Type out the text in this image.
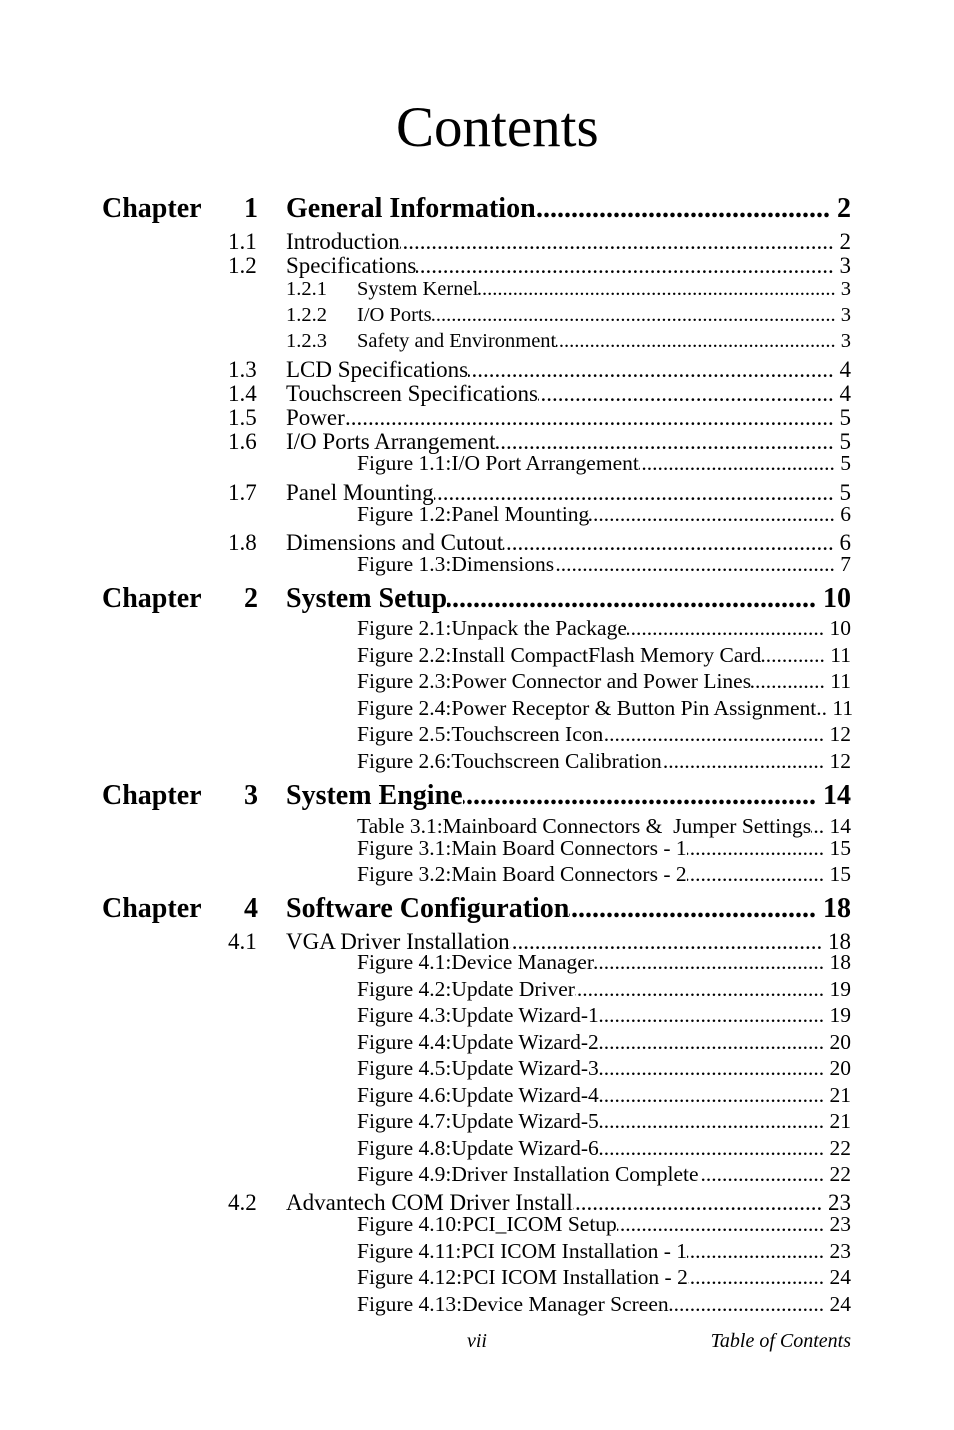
Contents
Chapter	1 General Information .....	2
1.1	Introduction .....	2
1.2	Specifications .....	3
1.2.1	System Kernel .....	3
1.2.2	I/O Ports .....	3
1.2.3	Safety and Environment .....	3
1.3	LCD Specifications .....	4
1.4	Touchscreen Specifications .....	4
1.5	Power .....	5
1.6	I/O Ports Arrangement .....	5
Figure 1.1:I/O Port Arrangement .....	5
1.7	Panel Mounting .....	5
Figure 1.2:Panel Mounting .....	6
1.8	Dimensions and Cutout .....	6
Figure 1.3:Dimensions .....	7
Chapter	2 System Setup .....	10
Figure 2.1:Unpack the Package .....	10
Figure 2.2:Install CompactFlash Memory Card .....	11
Figure 2.3:Power Connector and Power Lines .....	11
Figure 2.4:Power Receptor & Button Pin Assignment ..... 11
Figure 2.5:Touchscreen Icon .....	12
Figure 2.6:Touchscreen Calibration .....	12
Chapter	3 System Engine .....	14
Table 3.1:Mainboard Connectors &  Jumper Settings ..... 14
Figure 3.1:Main Board Connectors - 1 .....	15
Figure 3.2:Main Board Connectors - 2 .....	15
Chapter	4 Software Configuration .....	18
4.1	VGA Driver Installation .....	18
Figure 4.1:Device Manager .....	18
Figure 4.2:Update Driver .....	19
Figure 4.3:Update Wizard-1 .....	19
Figure 4.4:Update Wizard-2 .....	20
Figure 4.5:Update Wizard-3 .....	20
Figure 4.6:Update Wizard-4 .....	21
Figure 4.7:Update Wizard-5 .....	21
Figure 4.8:Update Wizard-6 .....	22
Figure 4.9:Driver Installation Complete .....	22
4.2	Advantech COM Driver Install .....	23
Figure 4.10:PCI_ICOM Setup .....	23
Figure 4.11:PCI ICOM Installation - 1 .....	23
Figure 4.12:PCI ICOM Installation - 2 .....	24
Figure 4.13:Device Manager Screen .....	24
vii	Table of Contents
